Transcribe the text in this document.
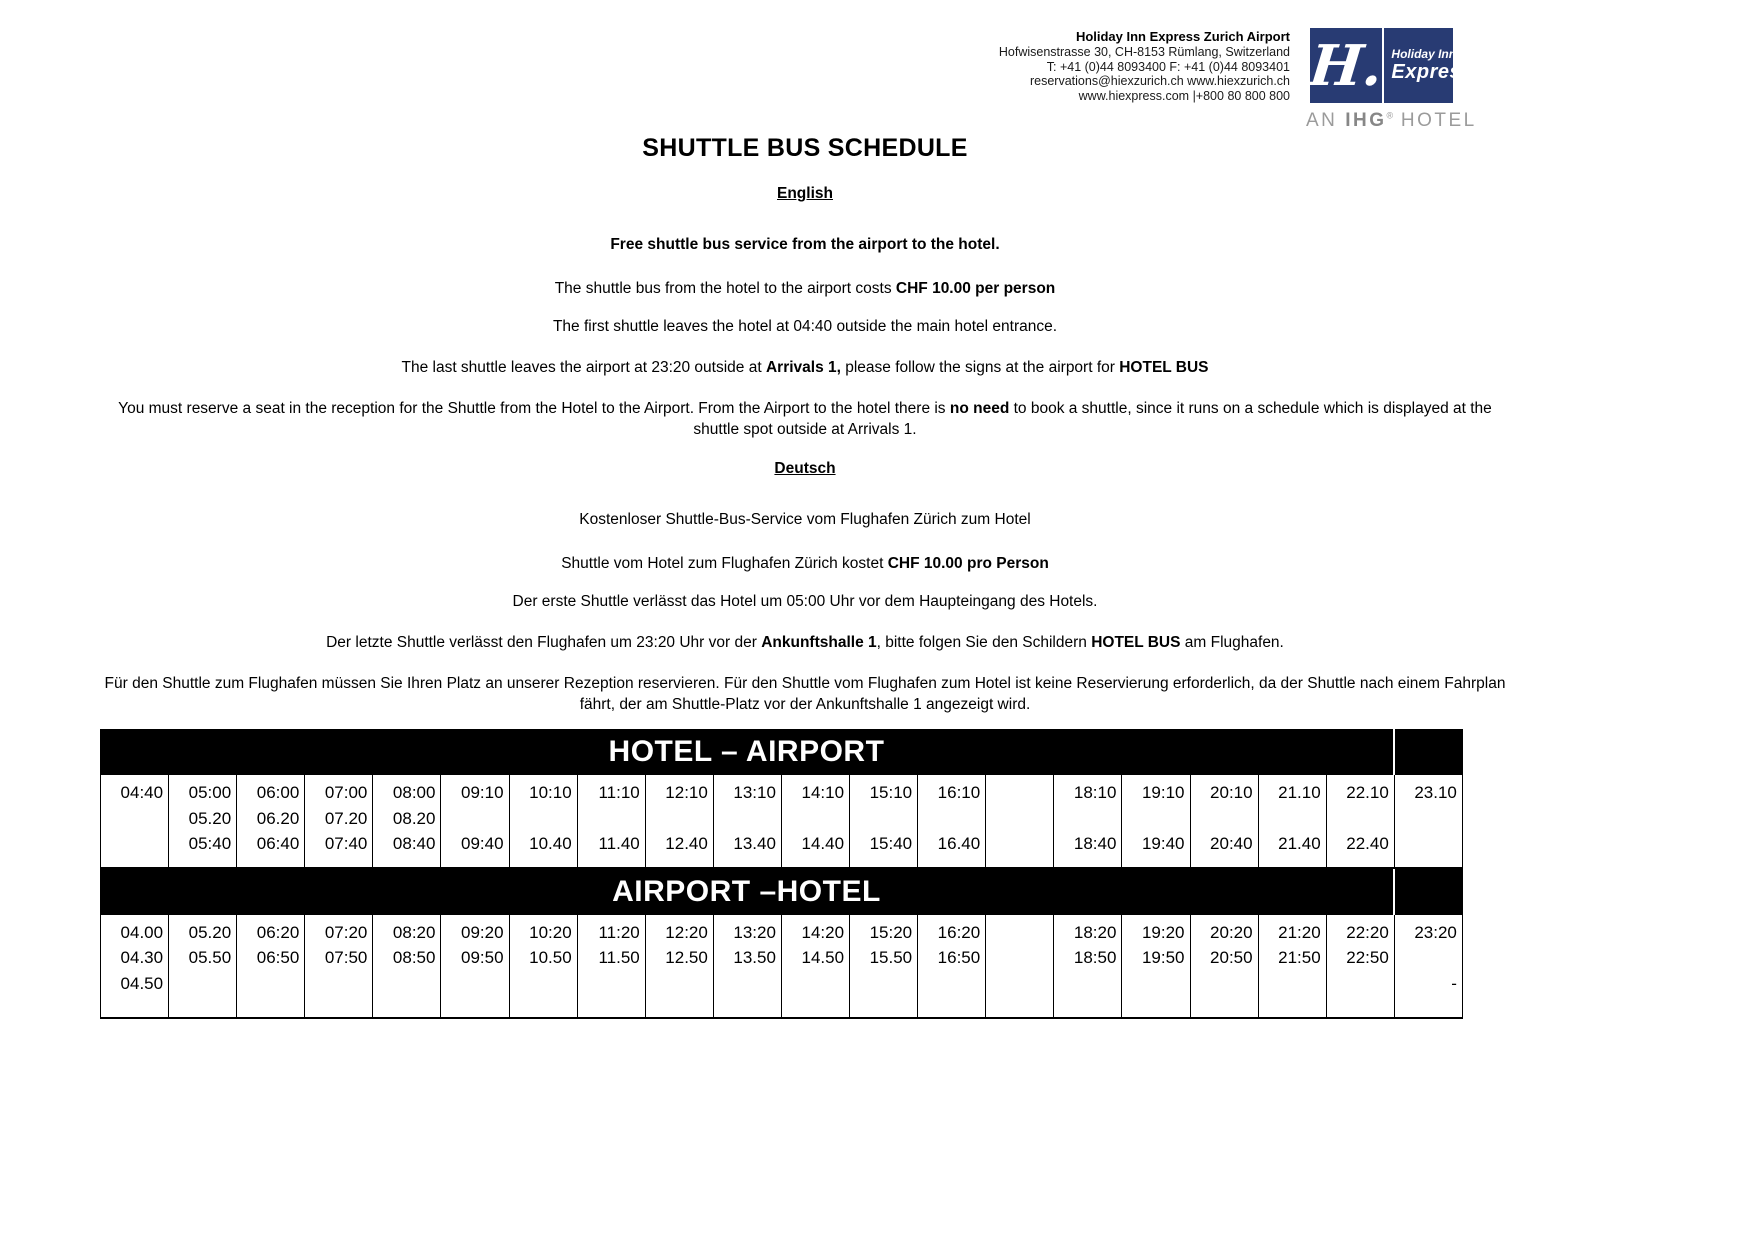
Holiday Inn Express Zurich Airport
Hofwisenstrasse 30, CH-8153 Rümlang, Switzerland
T: +41 (0)44 8093400 F: +41 (0)44 8093401
reservations@hiexzurich.ch www.hiexzurich.ch
www.hiexpress.com |+800 80 800 800 H. Holiday Inn
Express
AN IHG® HOTEL
SHUTTLE BUS SCHEDULE
English

Free shuttle bus service from the airport to the hotel.

The shuttle bus from the hotel to the airport costs CHF 10.00 per person

The first shuttle leaves the hotel at 04:40 outside the main hotel entrance.

The last shuttle leaves the airport at 23:20 outside at Arrivals 1, please follow the signs at the airport for HOTEL BUS

You must reserve a seat in the reception for the Shuttle from the Hotel to the Airport. From the Airport to the hotel there is no need to book a shuttle, since it runs on a schedule which is displayed at the shuttle spot outside at Arrivals 1.

Deutsch

Kostenloser Shuttle-Bus-Service vom Flughafen Zürich zum Hotel

Shuttle vom Hotel zum Flughafen Zürich kostet CHF 10.00 pro Person

Der erste Shuttle verlässt das Hotel um 05:00 Uhr vor dem Haupteingang des Hotels.

Der letzte Shuttle verlässt den Flughafen um 23:20 Uhr vor der Ankunftshalle 1, bitte folgen Sie den Schildern HOTEL BUS am Flughafen.

Für den Shuttle zum Flughafen müssen Sie Ihren Platz an unserer Rezeption reservieren. Für den Shuttle vom Flughafen zum Hotel ist keine Reservierung erforderlich, da der Shuttle nach einem Fahrplan fährt, der am Shuttle-Platz vor der Ankunftshalle 1 angezeigt wird.

HOTEL – AIRPORT
04:40

	05:00
05.20
05:40
06:00
06.20
06:40
07:00
07.20
07:40
08:00
08.20
08:40
09:10

09:40
10:10

10.40
11:10

11.40
12:10

12.40
13:10

13.40
14:10

14.40
15:10

15:40
16:10

16.40

18:10

18:40
19:10

19:40
20:10

20:40
21.10

21.40
22.10

22.40
23.10

AIRPORT –HOTEL
04.00
04.30
04.50
05.20
05.50

06:20
06:50

07:20
07:50

08:20
08:50

09:20
09:50

10:20
10.50

11:20
11.50

12:20
12.50

13:20
13.50

14:20
14.50

15:20
15.50

16:20
16:50

18:20
18:50

19:20
19:50

20:20
20:50

21:20
21:50

22:20
22:50

23:20

-
